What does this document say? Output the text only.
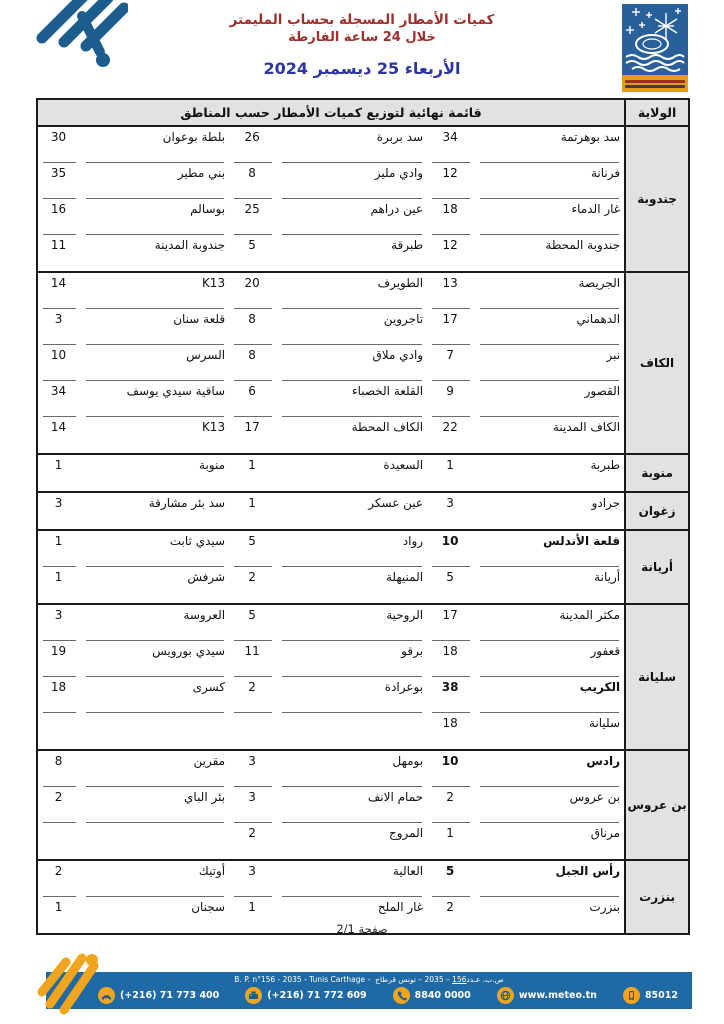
كميات الأمطار المسجلة بحساب المليمتر
خلال 24 ساعة الفارطة
الأربعاء 25 ديسمبر 2024
الولاية	قائمة نهائية لتوزيع كميات الأمطار حسب المناطق					
جندوبة	سد بوهرتمة	34	سد بربرة	26	بلطة بوعوان	30
	فرنانة	12	وادي مليز	8	بني مطير	35
	غار الدماء	18	عين دراهم	25	بوسالم	16
	جندوبة المحطة	12	طبرقة	5	جندوبة المدينة	11
الكاف	الجريصة	13	الطويرف	20	K13	14
	الدهماني	17	تاجروين	8	قلعة سنان	3
	نبر	7	وادي ملاق	8	السرس	10
	القصور	9	القلعة الخصباء	6	ساقية سيدي يوسف	34
	الكاف المدينة	22	الكاف المحطة	17	K13	14
منوبة	طبربة	1	السعيدة	1	منوبة	1
زغوان	جرادو	3	عين عسكر	1	سد بئر مشارقة	3
أريانة	قلعة الأندلس	10	رواد	5	سيدي ثابت	1
	أريانة	5	المنيهلة	2	شرفش	1
سليانة	مكثر المدينة	17	الروحية	5	العروسة	3
	قعفور	18	برقو	11	سيدي بورويس	19
	الكريب	38	بوعرادة	2	كسرى	18
	سليانة	18				
بن عروس	رادس	10	بومهل	3	مقرين	8
	بن عروس	2	حمام الانف	3	بئر الباي	2
	مرناق	1	المروج	2		
بنزرت	رأس الجبل	5	العالية	3	أوتيك	2
	بنزرت	2	غار الملح	1	سجنان	1
صفحة 2/1
B. P. n°156 - 2035 - Tunis Carthage -	ص.ب. عـدد156 – 2035 – تونس قرطاج
(+216) 71 773 400	(+216) 71 772 609	8840 0000	www.meteo.tn	85012
